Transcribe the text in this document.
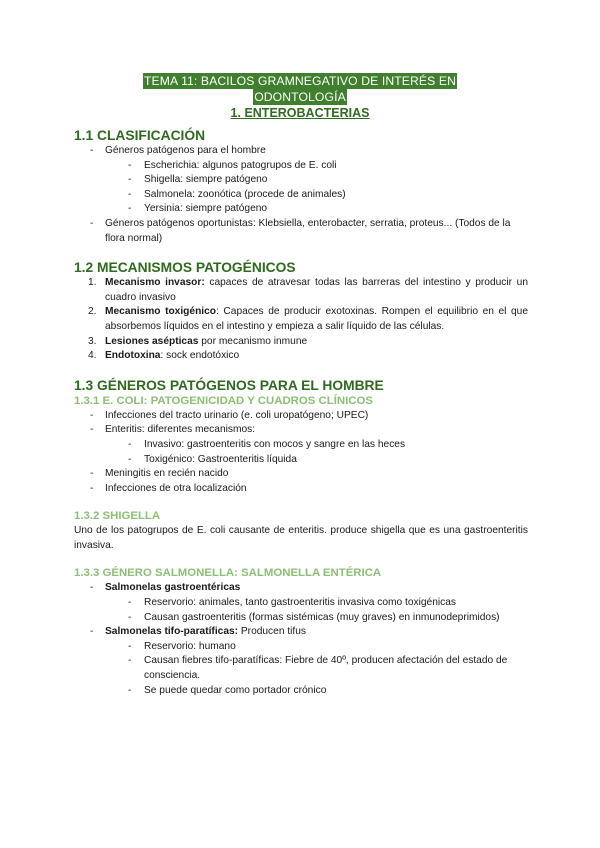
TEMA 11: BACILOS GRAMNEGATIVO DE INTERÉS EN

ODONTOLOGÍA

1. ENTEROBACTERIAS

1.1 CLASIFICACIÓN
- Géneros patógenos para el hombre
- Escherichia: algunos patogrupos de E. coli
- Shigella: siempre patógeno
- Salmonela: zoonótica (procede de animales)
- Yersinia: siempre patógeno
- Géneros patógenos oportunistas: Klebsiella, enterobacter, serratia, proteus... (Todos de la flora normal)
1.2 MECANISMOS PATOGÉNICOS
1. Mecanismo invasor: capaces de atravesar todas las barreras del intestino y producir un cuadro invasivo
2. Mecanismo toxigénico: Capaces de producir exotoxinas. Rompen el equilibrio en el que absorbemos líquidos en el intestino y empieza a salir líquido de las células.
3. Lesiones asépticas por mecanismo inmune
4. Endotoxina: sock endotóxico
1.3 GÉNEROS PATÓGENOS PARA EL HOMBRE
1.3.1 E. COLI: PATOGENICIDAD Y CUADROS CLÍNICOS
- Infecciones del tracto urinario (e. coli uropatógeno; UPEC)
- Enteritis: diferentes mecanismos:
- Invasivo: gastroenteritis con mocos y sangre en las heces
- Toxigénico: Gastroenteritis líquida
- Meningitis en recién nacido
- Infecciones de otra localización
1.3.2 SHIGELLA
Uno de los patogrupos de E. coli causante de enteritis. produce shigella que es una gastroenteritis invasiva.
1.3.3 GÉNERO SALMONELLA: SALMONELLA ENTÉRICA
- Salmonelas gastroentéricas
- Reservorio: animales, tanto gastroenteritis invasiva como toxigénicas
- Causan gastroenteritis (formas sistémicas (muy graves) en inmunodeprimidos)
- Salmonelas tifo-paratíficas: Producen tifus
- Reservorio: humano
- Causan fiebres tifo-paratíficas: Fiebre de 40º, producen afectación del estado de consciencia.
- Se puede quedar como portador crónico
